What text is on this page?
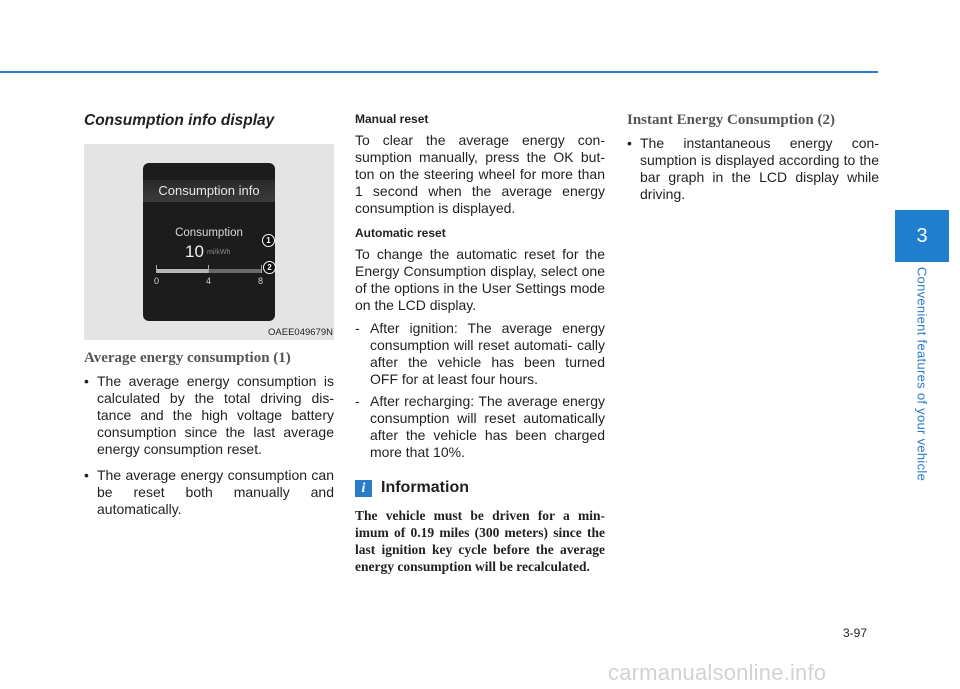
3
Convenient features of your vehicle
Consumption info display
Consumption info
Consumption
10 mi/kWh
0	4	8
1
2
OAEE049679N
Average energy consumption (1)
• The average energy consumption is calculated by the total driving dis- tance and the high voltage battery consumption since the last average energy consumption reset.
• The average energy consumption can be reset both manually and automatically.
Manual reset

To clear the average energy con- sumption manually, press the OK but- ton on the steering wheel for more than 1 second when the average energy consumption is displayed.

Automatic reset

To change the automatic reset for the Energy Consumption display, select one of the options in the User Settings mode on the LCD display.

- After ignition: The average energy consumption will reset automati- cally after the vehicle has been turned OFF for at least four hours.
- After recharging: The average energy consumption will reset automatically after the vehicle has been charged more that 10%.
i Information
The vehicle must be driven for a min- imum of 0.19 miles (300 meters) since the last ignition key cycle before the average energy consumption will be recalculated.
Instant Energy Consumption (2)
• The instantaneous energy con- sumption is displayed according to the bar graph in the LCD display while driving.
3-97
carmanualsonline.info
